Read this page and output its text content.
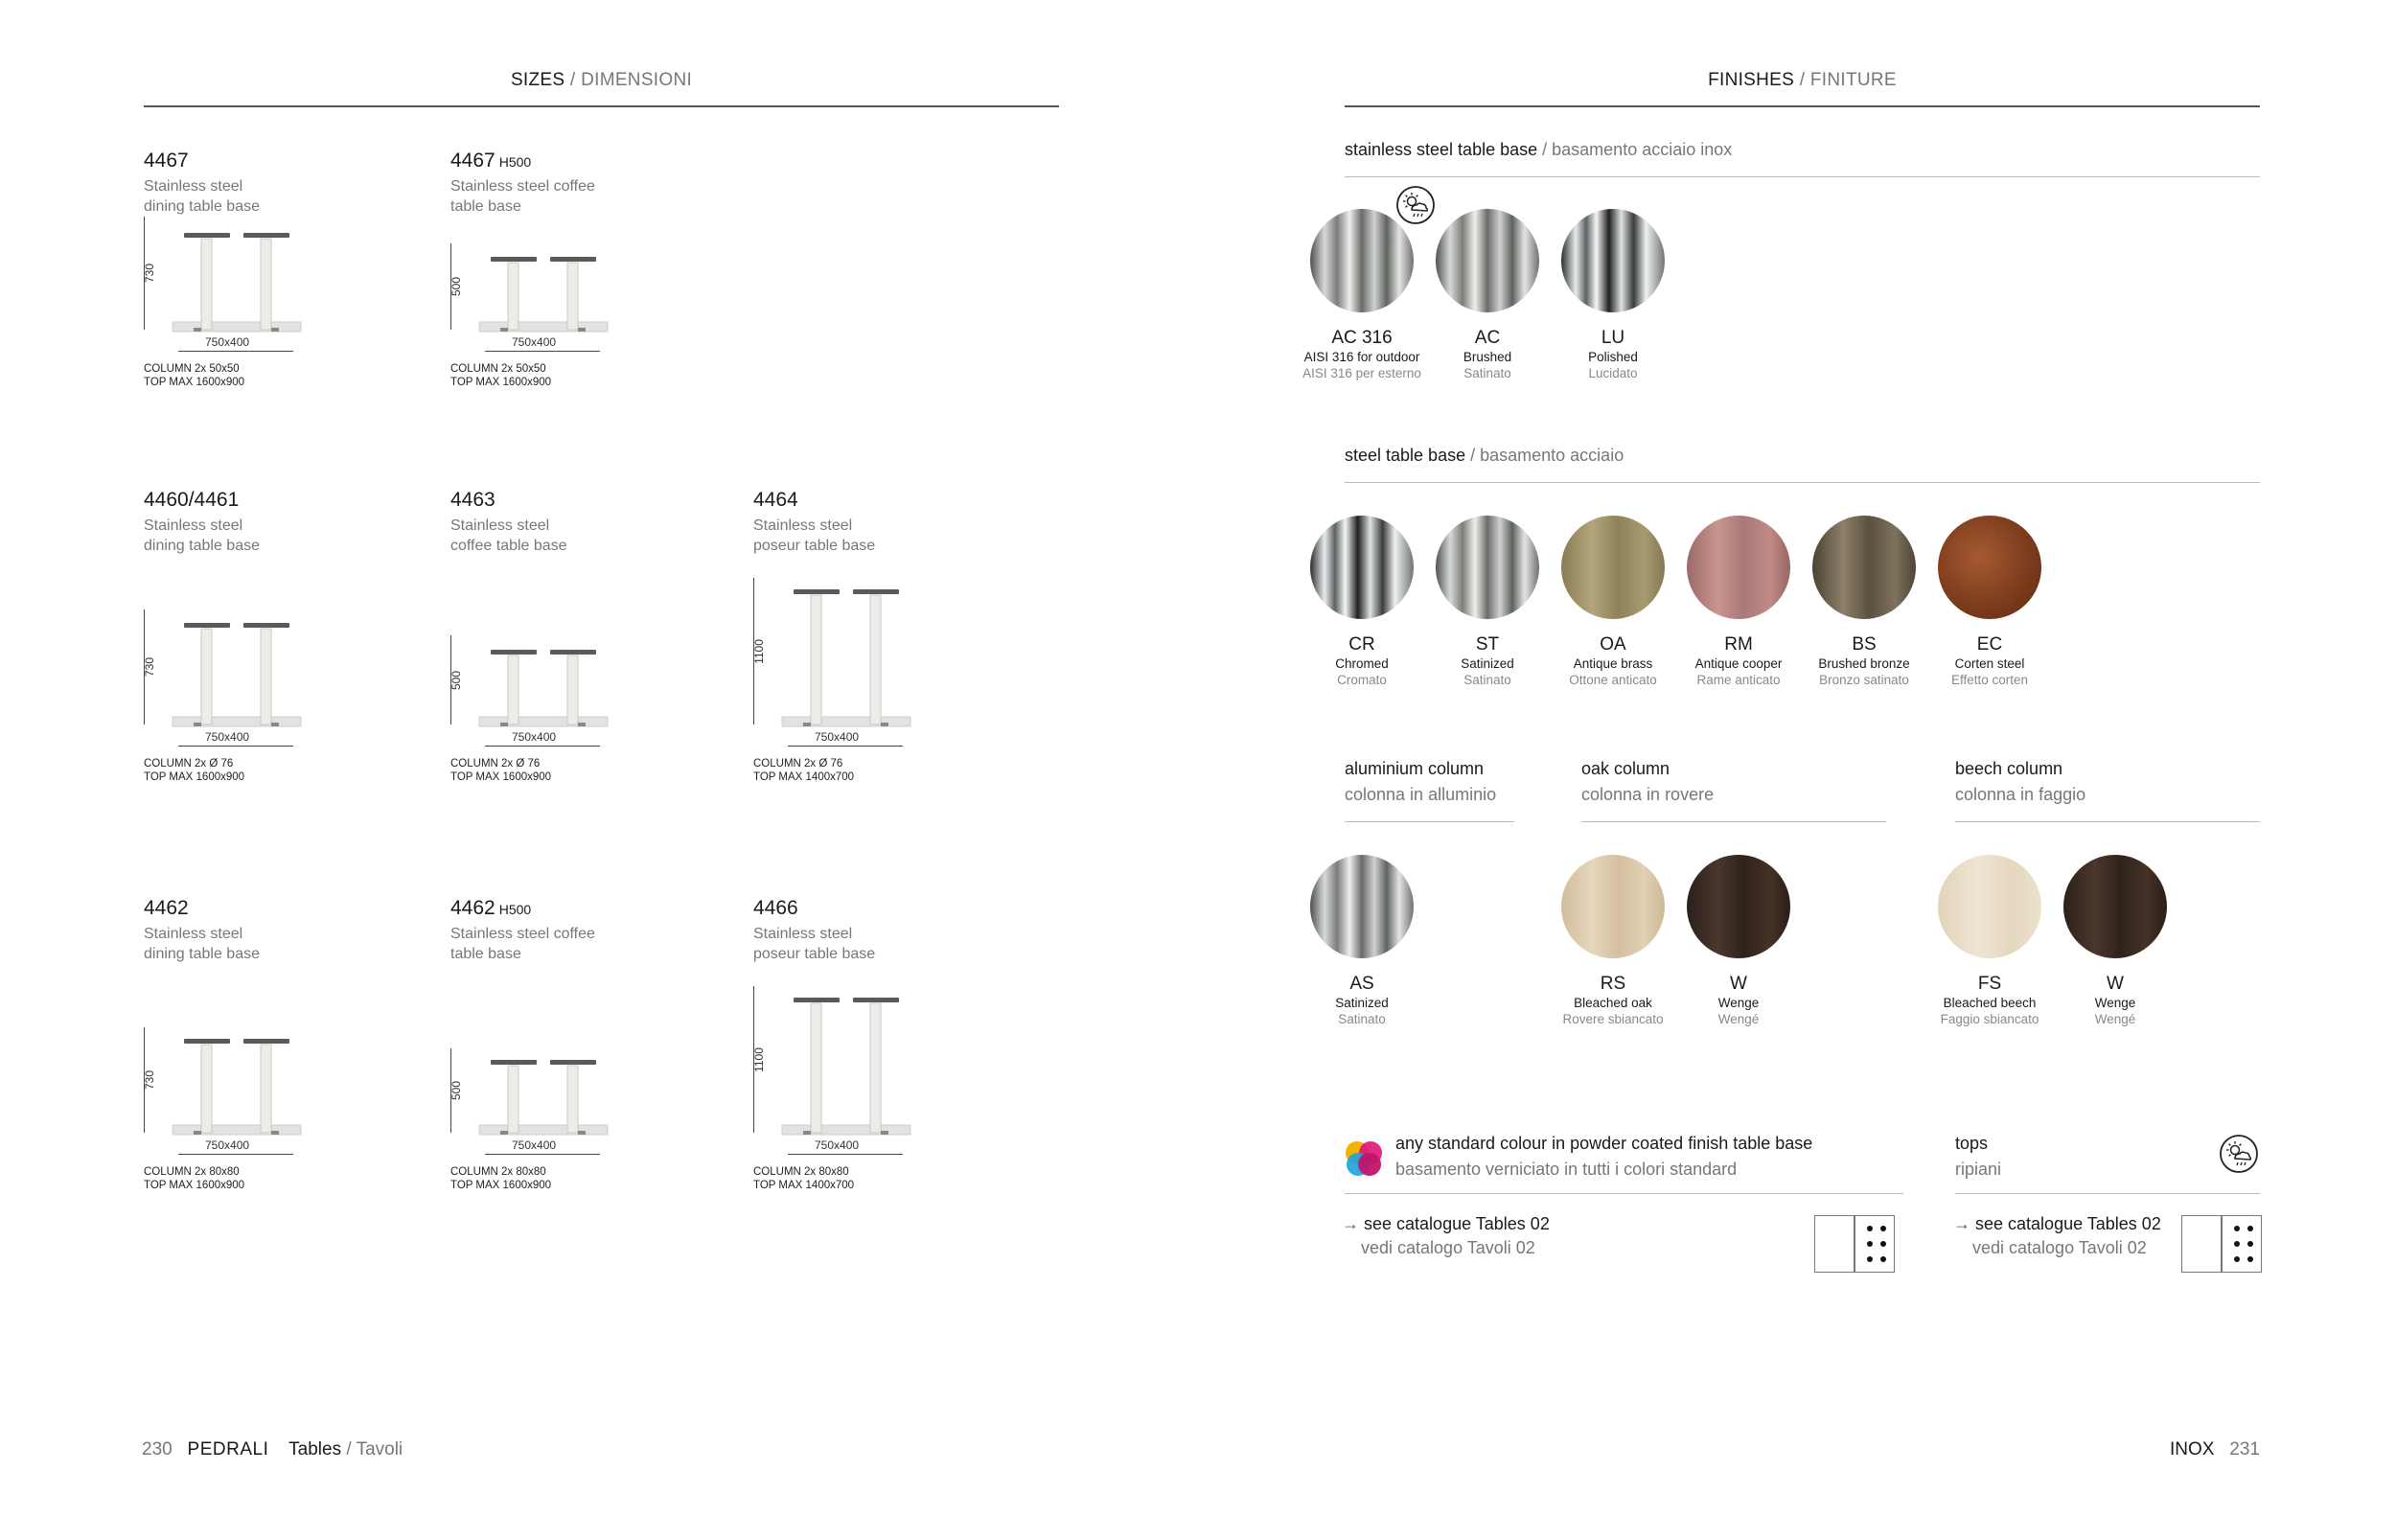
SIZES / DIMENSIONI
4467
Stainless steel
dining table base
730
750x400
COLUMN 2x 50x50
TOP MAX 1600x900
4467 H500
Stainless steel coffee
table base
500
750x400
COLUMN 2x 50x50
TOP MAX 1600x900
4460/4461
Stainless steel
dining table base
730
750x400
COLUMN 2x Ø 76
TOP MAX 1600x900
4463
Stainless steel
coffee table base
500
750x400
COLUMN 2x Ø 76
TOP MAX 1600x900
4464
Stainless steel
poseur table base
1100
750x400
COLUMN 2x Ø 76
TOP MAX 1400x700
4462
Stainless steel
dining table base
730
750x400
COLUMN 2x 80x80
TOP MAX 1600x900
4462 H500
Stainless steel coffee
table base
500
750x400
COLUMN 2x 80x80
TOP MAX 1600x900
4466
Stainless steel
poseur table base
1100
750x400
COLUMN 2x 80x80
TOP MAX 1400x700
FINISHES / FINITURE
stainless steel table base / basamento acciaio inox
AC 316
AISI 316 for outdoor
AISI 316 per esterno
AC
Brushed
Satinato
LU
Polished
Lucidato
steel table base / basamento acciaio
CR
Chromed
Cromato
ST
Satinized
Satinato
OA
Antique brass
Ottone anticato
RM
Antique cooper
Rame anticato
BS
Brushed bronze
Bronzo satinato
EC
Corten steel
Effetto corten
aluminium column
colonna in alluminio
oak column
colonna in rovere
beech column
colonna in faggio
AS
Satinized
Satinato
RS
Bleached oak
Rovere sbiancato
W
Wenge
Wengé
FS
Bleached beech
Faggio sbiancato
W
Wenge
Wengé
any standard colour in powder coated finish table base
basamento verniciato in tutti i colori standard
tops
ripiani
→ see catalogue Tables 02
vedi catalogo Tavoli 02
→ see catalogue Tables 02
vedi catalogo Tavoli 02
230 PEDRALI Tables / Tavoli	INOX 231
